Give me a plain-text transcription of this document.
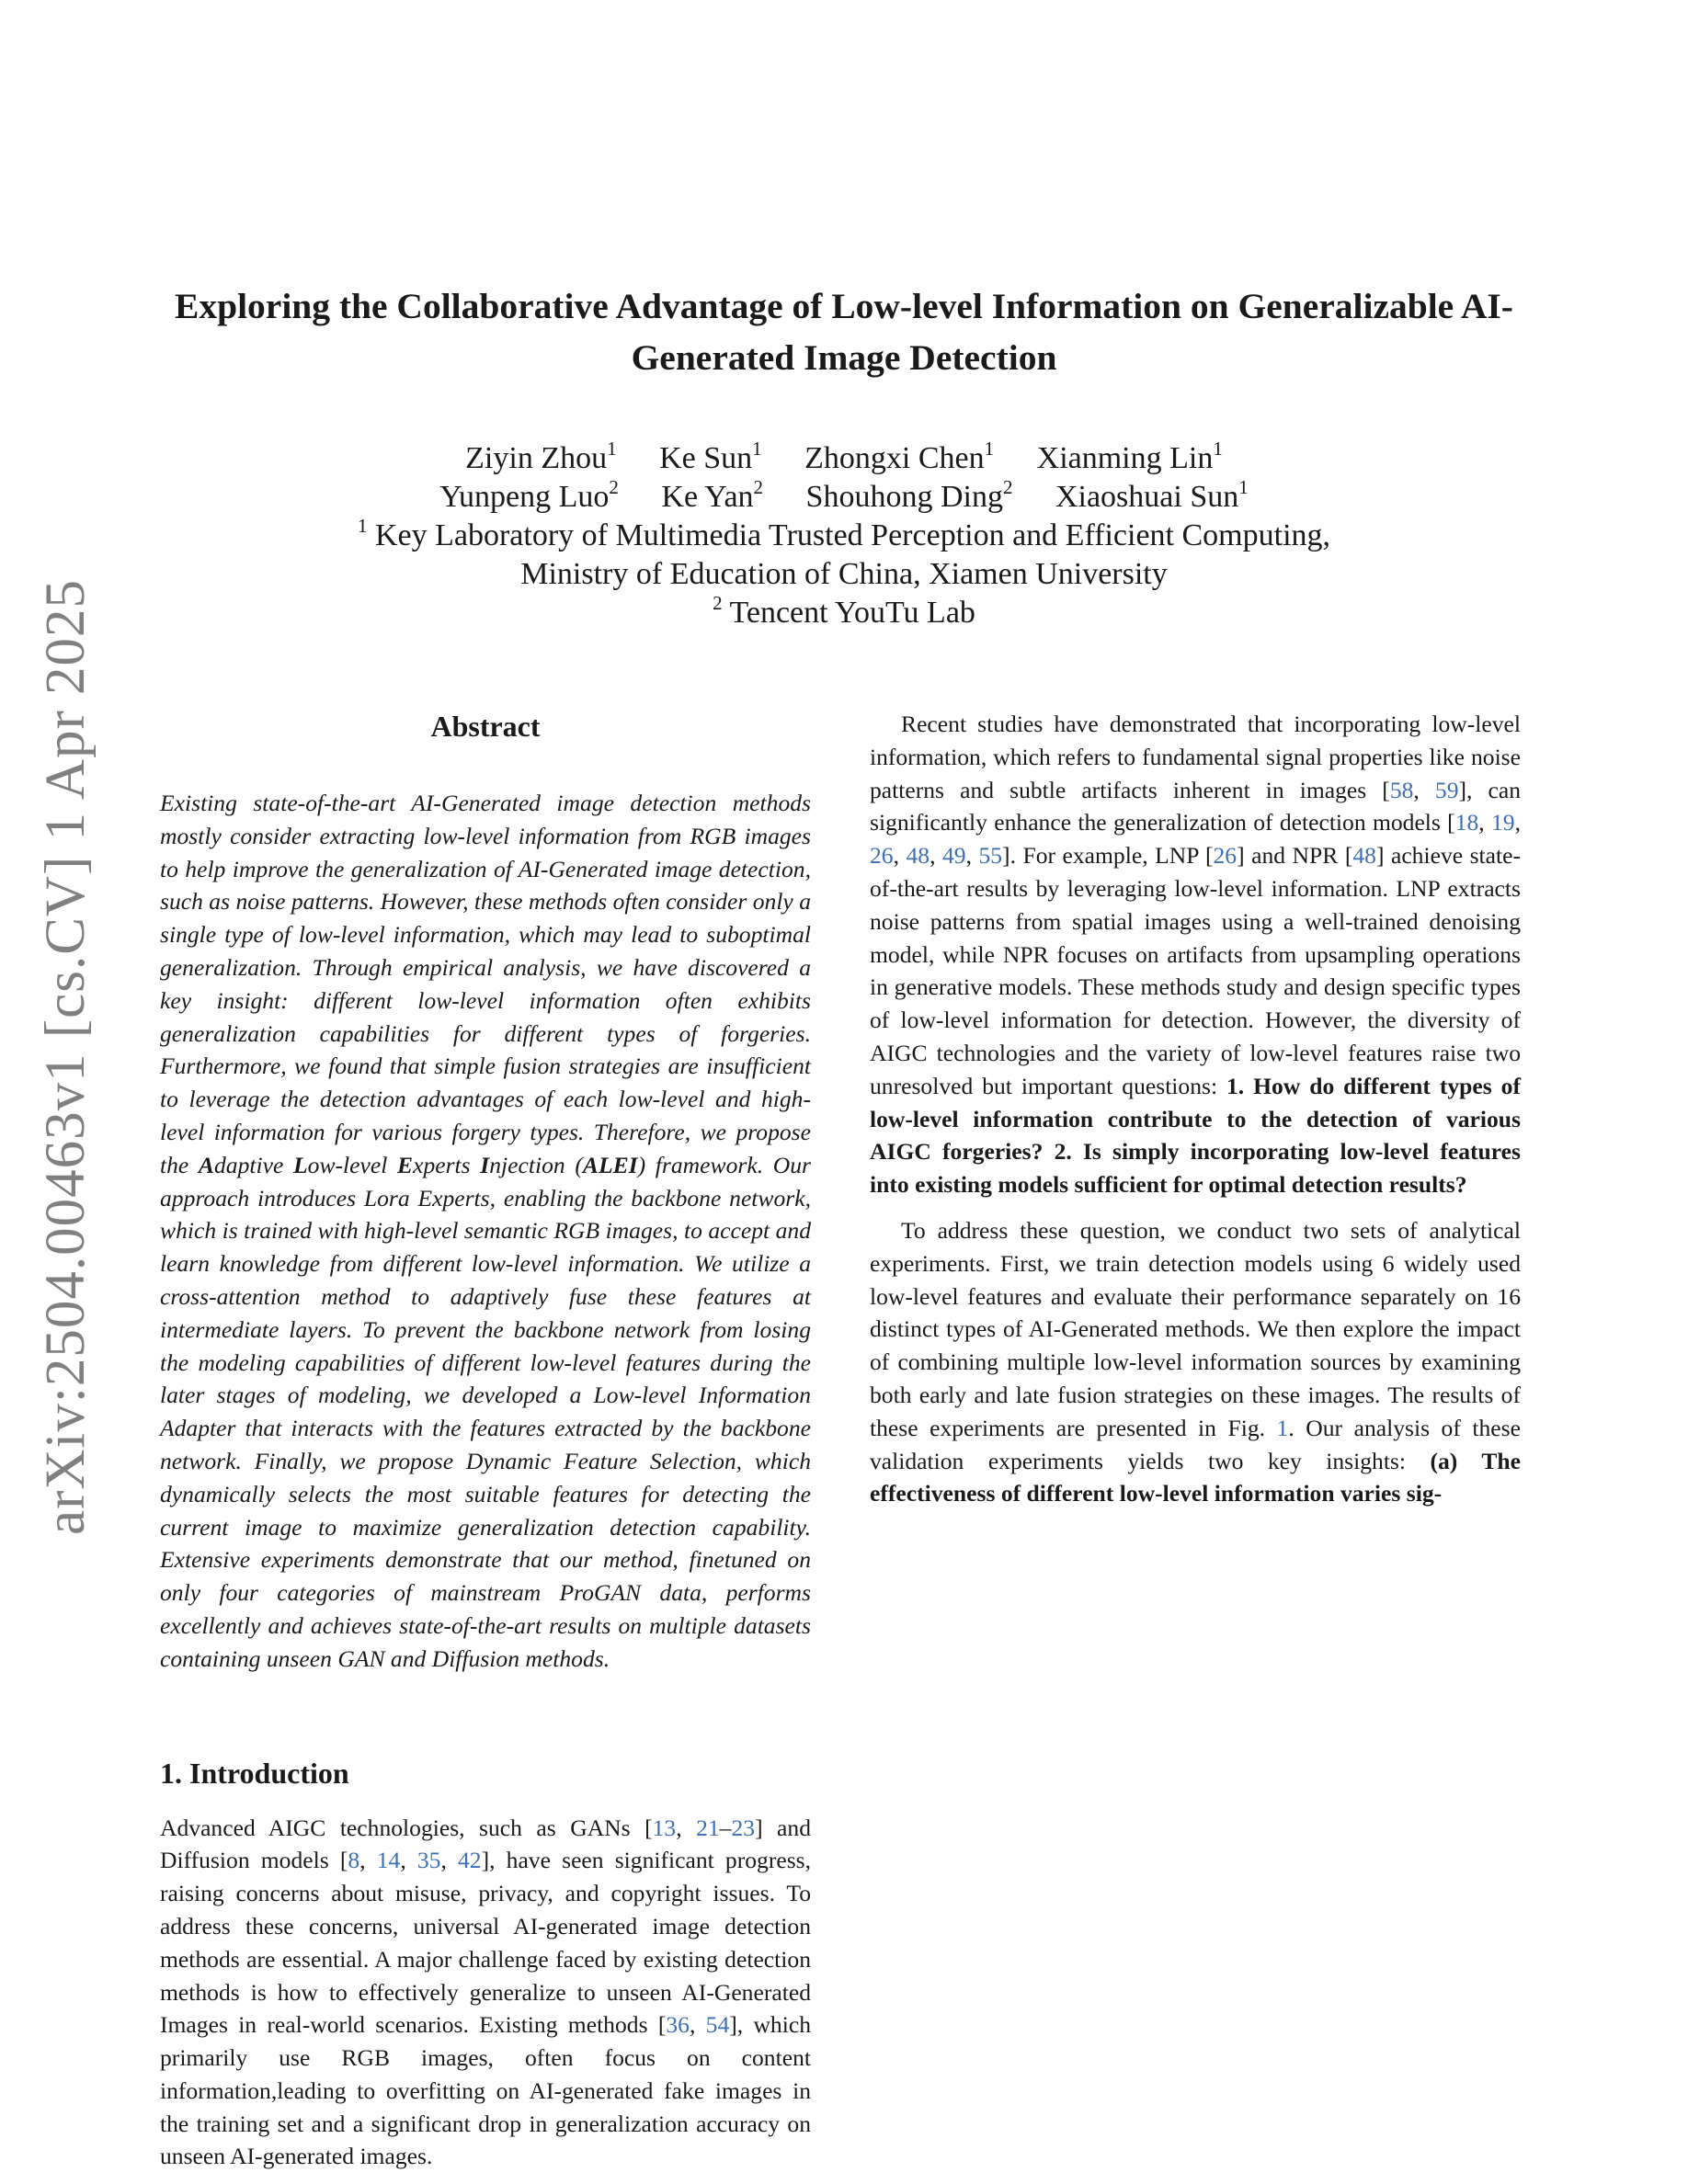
arXiv:2504.00463v1 [cs.CV] 1 Apr 2025
Exploring the Collaborative Advantage of Low-level Information on Generalizable AI-Generated Image Detection
Ziyin Zhou$^1$ Ke Sun$^1$ Zhongxi Chen$^1$ Xianming Lin$^1$
Yunpeng Luo$^2$ Ke Yan$^2$ Shouhong Ding$^2$ Xiaoshuai Sun$^1$
$^1$ Key Laboratory of Multimedia Trusted Perception and Efficient Computing,
Ministry of Education of China, Xiamen University
$^2$ Tencent YouTu Lab
Abstract

Existing state-of-the-art AI-Generated image detection methods mostly consider extracting low-level information from RGB images to help improve the generalization of AI-Generated image detection, such as noise patterns. However, these methods often consider only a single type of low-level information, which may lead to suboptimal generalization. Through empirical analysis, we have discovered a key insight: different low-level information often exhibits generalization capabilities for different types of forgeries. Furthermore, we found that simple fusion strategies are insufficient to leverage the detection advantages of each low-level and high-level information for various forgery types. Therefore, we propose the Adaptive Low-level Experts Injection (ALEI) framework. Our approach introduces Lora Experts, enabling the backbone network, which is trained with high-level semantic RGB images, to accept and learn knowledge from different low-level information. We utilize a cross-attention method to adaptively fuse these features at intermediate layers. To prevent the backbone network from losing the modeling capabilities of different low-level features during the later stages of modeling, we developed a Low-level Information Adapter that interacts with the features extracted by the backbone network. Finally, we propose Dynamic Feature Selection, which dynamically selects the most suitable features for detecting the current image to maximize generalization detection capability. Extensive experiments demonstrate that our method, finetuned on only four categories of mainstream ProGAN data, performs excellently and achieves state-of-the-art results on multiple datasets containing unseen GAN and Diffusion methods.

1. Introduction

Advanced AIGC technologies, such as GANs [13, 21–23] and Diffusion models [8, 14, 35, 42], have seen significant progress, raising concerns about misuse, privacy, and copyright issues. To address these concerns, universal AI-generated image detection methods are essential. A major challenge faced by existing detection methods is how to effectively generalize to unseen AI-Generated Images in real-world scenarios. Existing methods [36, 54], which primarily use RGB images, often focus on content information,leading to overfitting on AI-generated fake images in the training set and a significant drop in generalization accuracy on unseen AI-generated images.

Recent studies have demonstrated that incorporating low-level information, which refers to fundamental signal properties like noise patterns and subtle artifacts inherent in images [58, 59], can significantly enhance the generalization of detection models [18, 19, 26, 48, 49, 55]. For example, LNP [26] and NPR [48] achieve state-of-the-art results by leveraging low-level information. LNP extracts noise patterns from spatial images using a well-trained denoising model, while NPR focuses on artifacts from upsampling operations in generative models. These methods study and design specific types of low-level information for detection. However, the diversity of AIGC technologies and the variety of low-level features raise two unresolved but important questions: 1. How do different types of low-level information contribute to the detection of various AIGC forgeries? 2. Is simply incorporating low-level features into existing models sufficient for optimal detection results?

To address these question, we conduct two sets of analytical experiments. First, we train detection models using 6 widely used low-level features and evaluate their performance separately on 16 distinct types of AI-Generated methods. We then explore the impact of combining multiple low-level information sources by examining both early and late fusion strategies on these images. The results of these experiments are presented in Fig. 1. Our analysis of these validation experiments yields two key insights: (a) The effectiveness of different low-level information varies sig-
